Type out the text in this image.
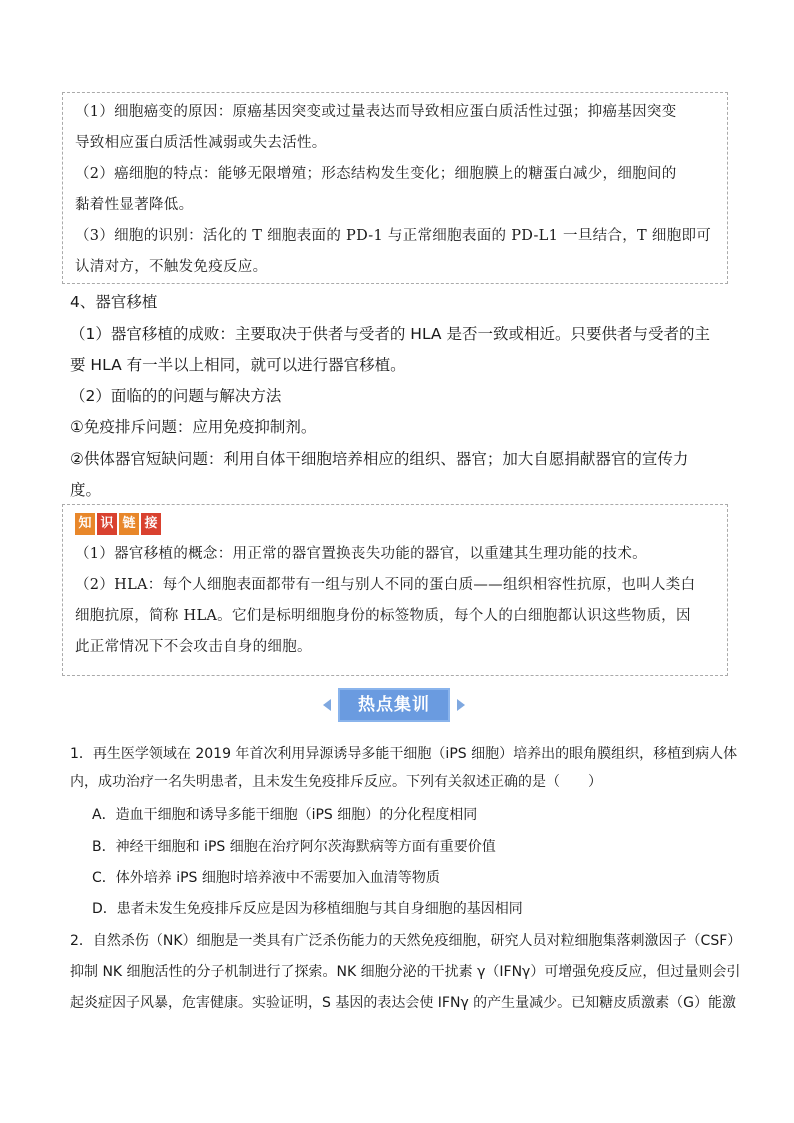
（1）细胞癌变的原因：原癌基因突变或过量表达而导致相应蛋白质活性过强；抑癌基因突变
导致相应蛋白质活性减弱或失去活性。
（2）癌细胞的特点：能够无限增殖；形态结构发生变化；细胞膜上的糖蛋白减少，细胞间的
黏着性显著降低。
（3）细胞的识别：活化的 T 细胞表面的 PD-1 与正常细胞表面的 PD-L1 一旦结合，T 细胞即可
认清对方，不触发免疫反应。
4、器官移植
（1）器官移植的成败：主要取决于供者与受者的 HLA 是否一致或相近。只要供者与受者的主
要 HLA 有一半以上相同，就可以进行器官移植。
（2）面临的的问题与解决方法
①免疫排斥问题：应用免疫抑制剂。
②供体器官短缺问题：利用自体干细胞培养相应的组织、器官；加大自愿捐献器官的宣传力
度。
知 识 链 接
（1）器官移植的概念：用正常的器官置换丧失功能的器官，以重建其生理功能的技术。
（2）HLA：每个人细胞表面都带有一组与别人不同的蛋白质——组织相容性抗原，也叫人类白
细胞抗原，简称 HLA。它们是标明细胞身份的标签物质，每个人的白细胞都认识这些物质，因
此正常情况下不会攻击自身的细胞。
热点集训
1．再生医学领域在 2019 年首次利用异源诱导多能干细胞（iPS 细胞）培养出的眼角膜组织，移植到病人体
内，成功治疗一名失明患者，且未发生免疫排斥反应。下列有关叙述正确的是（　　）
A．造血干细胞和诱导多能干细胞（iPS 细胞）的分化程度相同
B．神经干细胞和 iPS 细胞在治疗阿尔茨海默病等方面有重要价值
C．体外培养 iPS 细胞时培养液中不需要加入血清等物质
D．患者未发生免疫排斥反应是因为移植细胞与其自身细胞的基因相同
2．自然杀伤（NK）细胞是一类具有广泛杀伤能力的天然免疫细胞，研究人员对粒细胞集落刺激因子（CSF）
抑制 NK 细胞活性的分子机制进行了探索。NK 细胞分泌的干扰素 γ（IFNγ）可增强免疫反应，但过量则会引
起炎症因子风暴，危害健康。实验证明，S 基因的表达会使 IFNγ 的产生量减少。已知糖皮质激素（G）能激
